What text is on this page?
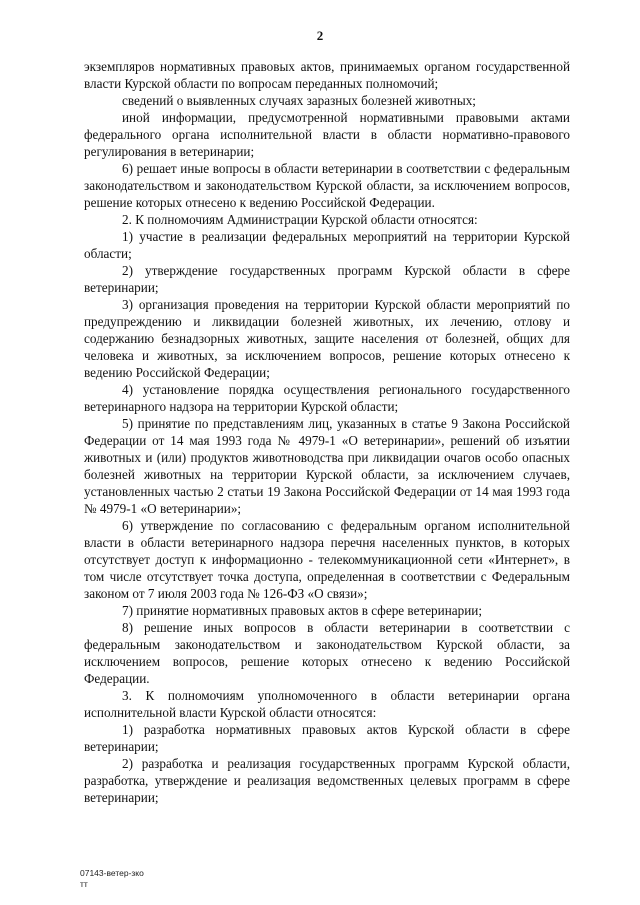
2

экземпляров нормативных правовых актов, принимаемых органом государственной власти Курской области по вопросам переданных полномочий;

сведений о выявленных случаях заразных болезней животных;

иной информации, предусмотренной нормативными правовыми актами федерального органа исполнительной власти в области нормативно-правового регулирования в ветеринарии;

6) решает иные вопросы в области ветеринарии в соответствии с федеральным законодательством и законодательством Курской области, за исключением вопросов, решение которых отнесено к ведению Российской Федерации.

2. К полномочиям Администрации Курской области относятся:

1) участие в реализации федеральных мероприятий на территории Курской области;

2) утверждение государственных программ Курской области в сфере ветеринарии;

3) организация проведения на территории Курской области мероприятий по предупреждению и ликвидации болезней животных, их лечению, отлову и содержанию безнадзорных животных, защите населения от болезней, общих для человека и животных, за исключением вопросов, решение которых отнесено к ведению Российской Федерации;

4) установление порядка осуществления регионального государственного ветеринарного надзора на территории Курской области;

5) принятие по представлениям лиц, указанных в статье 9 Закона Российской Федерации от 14 мая 1993 года № 4979-1 «О ветеринарии», решений об изъятии животных и (или) продуктов животноводства при ликвидации очагов особо опасных болезней животных на территории Курской области, за исключением случаев, установленных частью 2 статьи 19 Закона Российской Федерации от 14 мая 1993 года № 4979-1 «О ветеринарии»;

6) утверждение по согласованию с федеральным органом исполнительной власти в области ветеринарного надзора перечня населенных пунктов, в которых отсутствует доступ к информационно - телекоммуникационной сети «Интернет», в том числе отсутствует точка доступа, определенная в соответствии с Федеральным законом от 7 июля 2003 года № 126-ФЗ «О связи»;

7) принятие нормативных правовых актов в сфере ветеринарии;

8) решение иных вопросов в области ветеринарии в соответствии с федеральным законодательством и законодательством Курской области, за исключением вопросов, решение которых отнесено к ведению Российской Федерации.

3. К полномочиям уполномоченного в области ветеринарии органа исполнительной власти Курской области относятся:

1) разработка нормативных правовых актов Курской области в сфере ветеринарии;

2) разработка и реализация государственных программ Курской области, разработка, утверждение и реализация ведомственных целевых программ в сфере ветеринарии;

07143-ветер-зко
тт
